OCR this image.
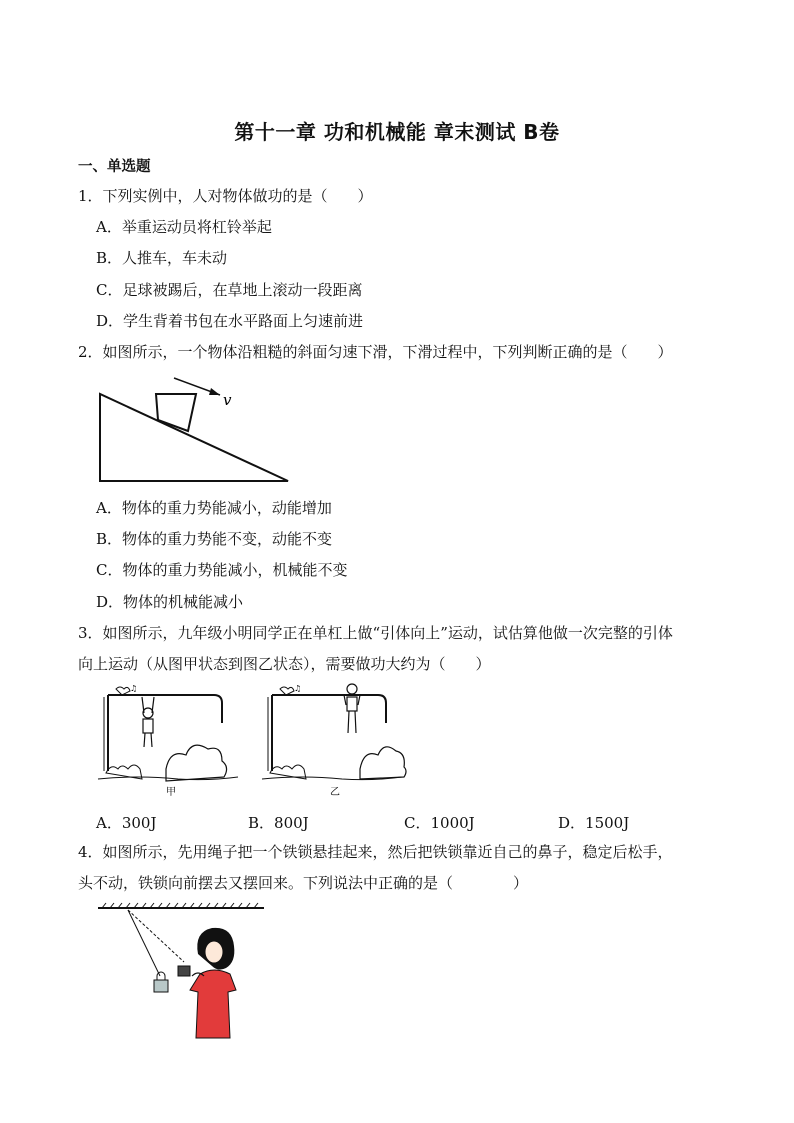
第十一章 功和机械能 章末测试 B卷
一、单选题
1．下列实例中，人对物体做功的是（　　）
A．举重运动员将杠铃举起
B．人推车，车未动
C．足球被踢后，在草地上滚动一段距离
D．学生背着书包在水平路面上匀速前进
2．如图所示，一个物体沿粗糙的斜面匀速下滑，下滑过程中，下列判断正确的是（　　）
v
A．物体的重力势能减小，动能增加
B．物体的重力势能不变，动能不变
C．物体的重力势能减小，机械能不变
D．物体的机械能减小
3．如图所示，九年级小明同学正在单杠上做“引体向上”运动，试估算他做一次完整的引体
向上运动（从图甲状态到图乙状态），需要做功大约为（　　）
♫
甲
♫
乙
A．300J	B．800J	C．1000J	D．1500J
4．如图所示，先用绳子把一个铁锁悬挂起来，然后把铁锁靠近自己的鼻子，稳定后松手，
头不动，铁锁向前摆去又摆回来。下列说法中正确的是（　　　　）
